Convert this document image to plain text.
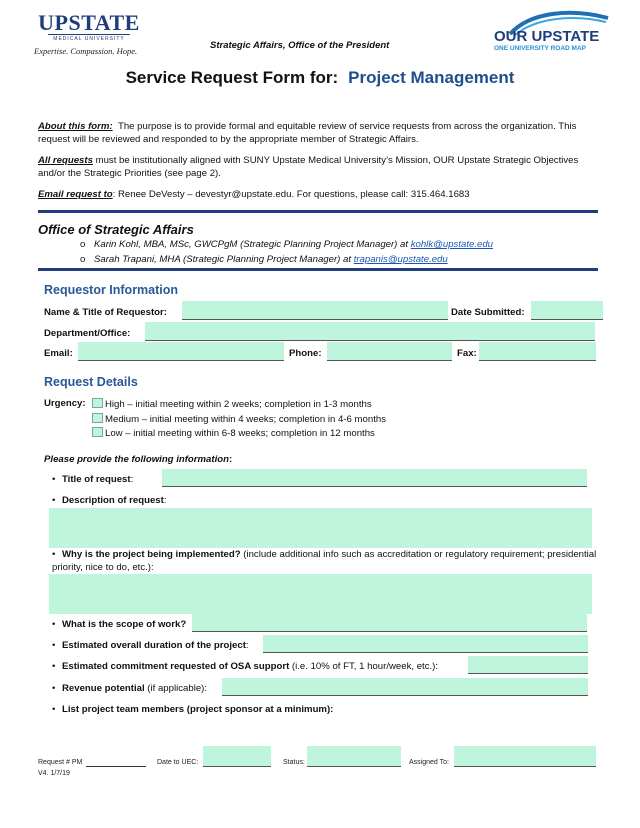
UPSTATE
MEDICAL UNIVERSITY
Expertise. Compassion. Hope.	Strategic Affairs, Office of the President
OUR UPSTATE
ONE UNIVERSITY ROAD MAP
Service Request Form for: Project Management
About this form: The purpose is to provide formal and equitable review of service requests from across the organization. This request will be reviewed and responded to by the appropriate member of Strategic Affairs.
All requests must be institutionally aligned with SUNY Upstate Medical University’s Mission, OUR Upstate Strategic Objectives and/or the Strategic Priorities (see page 2).
Email request to: Renee DeVesty – devestyr@upstate.edu. For questions, please call: 315.464.1683
Office of Strategic Affairs
o Karin Kohl, MBA, MSc, GWCPgM (Strategic Planning Project Manager) at kohlk@upstate.edu
o Sarah Trapani, MHA (Strategic Planning Project Manager) at trapanis@upstate.edu
Requestor Information
Name & Title of Requestor:	Date Submitted:
Department/Office:
Email:	Phone:	Fax:
Request Details
Urgency:	High – initial meeting within 2 weeks; completion in 1-3 months
Medium – initial meeting within 4 weeks; completion in 4-6 months
Low – initial meeting within 6-8 weeks; completion in 12 months
Please provide the following information:
• Title of request:
• Description of request:
• Why is the project being implemented? (include additional info such as accreditation or regulatory requirement; presidential priority, nice to do, etc.):
• What is the scope of work?
• Estimated overall duration of the project:
• Estimated commitment requested of OSA support (i.e. 10% of FT, 1 hour/week, etc.):
• Revenue potential (if applicable):
• List project team members (project sponsor at a minimum):
Request # PM	Date to UEC:	Status:	Assigned To:
V4. 1/7/19
